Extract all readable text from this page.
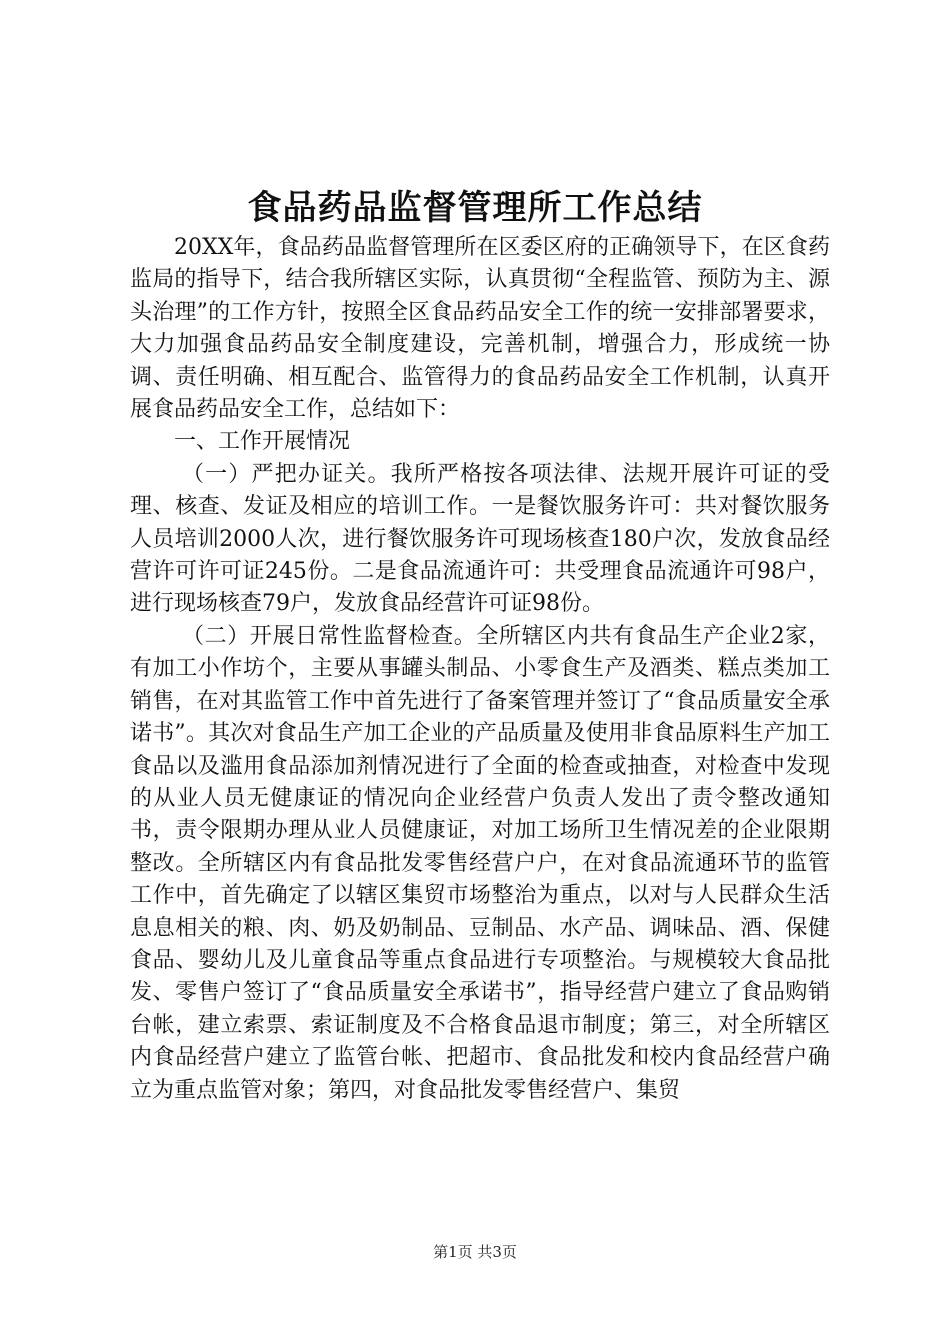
食品药品监督管理所工作总结

20XX年，食品药品监督管理所在区委区府的正确领导下，在区食药监局的指导下，结合我所辖区实际，认真贯彻“全程监管、预防为主、源头治理”的工作方针，按照全区食品药品安全工作的统一安排部署要求，大力加强食品药品安全制度建设，完善机制，增强合力，形成统一协调、责任明确、相互配合、监管得力的食品药品安全工作机制，认真开展食品药品安全工作，总结如下：

一、工作开展情况

（一）严把办证关。我所严格按各项法律、法规开展许可证的受理、核查、发证及相应的培训工作。一是餐饮服务许可：共对餐饮服务人员培训2000人次，进行餐饮服务许可现场核查180户次，发放食品经营许可许可证245份。二是食品流通许可：共受理食品流通许可98户，进行现场核查79户，发放食品经营许可证98份。

（二）开展日常性监督检查。全所辖区内共有食品生产企业2家，有加工小作坊个，主要从事罐头制品、小零食生产及酒类、糕点类加工销售，在对其监管工作中首先进行了备案管理并签订了“食品质量安全承诺书”。其次对食品生产加工企业的产品质量及使用非食品原料生产加工食品以及滥用食品添加剂情况进行了全面的检查或抽查，对检查中发现的从业人员无健康证的情况向企业经营户负责人发出了责令整改通知书，责令限期办理从业人员健康证，对加工场所卫生情况差的企业限期整改。全所辖区内有食品批发零售经营户户，在对食品流通环节的监管工作中，首先确定了以辖区集贸市场整治为重点，以对与人民群众生活息息相关的粮、肉、奶及奶制品、豆制品、水产品、调味品、酒、保健食品、婴幼儿及儿童食品等重点食品进行专项整治。与规模较大食品批发、零售户签订了“食品质量安全承诺书”，指导经营户建立了食品购销台帐，建立索票、索证制度及不合格食品退市制度；第三，对全所辖区内食品经营户建立了监管台帐、把超市、食品批发和校内食品经营户确立为重点监管对象；第四，对食品批发零售经营户、集贸

第1页 共3页
